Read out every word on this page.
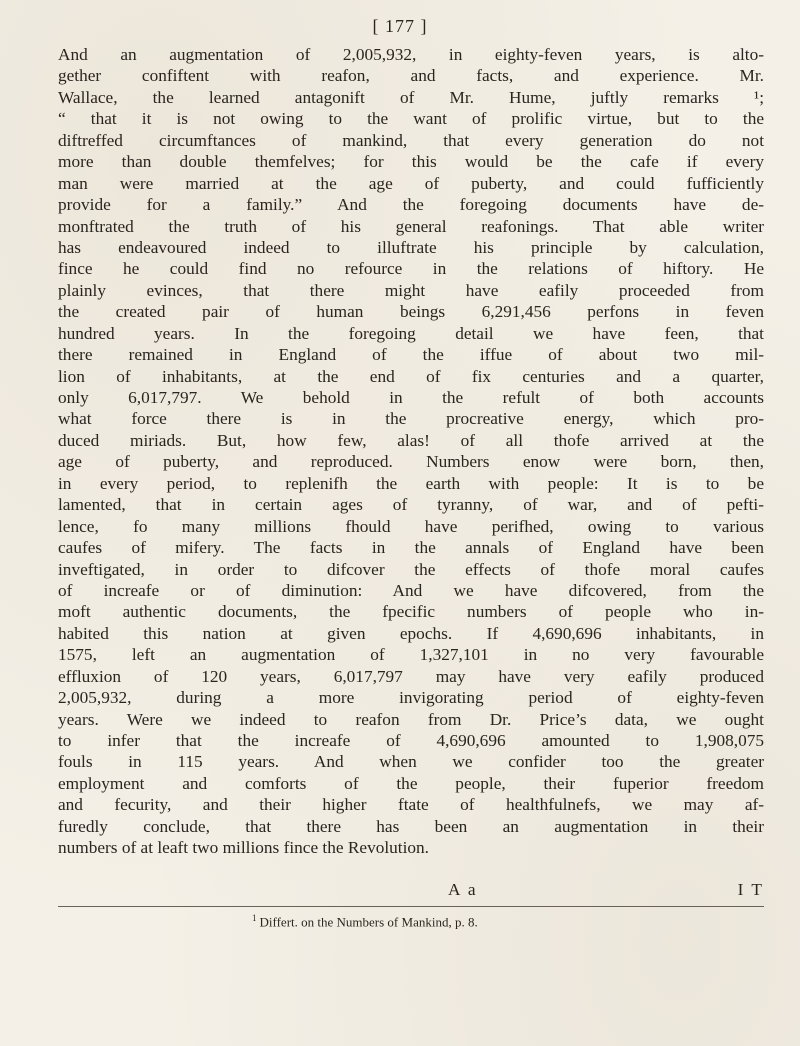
[ 177 ]
And an augmentation of 2,005,932, in eighty-feven years, is alto-
gether confiftent with reafon, and facts, and experience. Mr.
Wallace, the learned antagonift of Mr. Hume, juftly remarks ¹;
“ that it is not owing to the want of prolific virtue, but to the
diftreffed circumftances of mankind, that every generation do not
more than double themfelves; for this would be the cafe if every
man were married at the age of puberty, and could fufficiently
provide for a family.” And the foregoing documents have de-
monftrated the truth of his general reafonings. That able writer
has endeavoured indeed to illuftrate his principle by calculation,
fince he could find no refource in the relations of hiftory. He
plainly evinces, that there might have eafily proceeded from
the created pair of human beings 6,291,456 perfons in feven
hundred years. In the foregoing detail we have feen, that
there remained in England of the iffue of about two mil-
lion of inhabitants, at the end of fix centuries and a quarter,
only 6,017,797. We behold in the refult of both accounts
what force there is in the procreative energy, which pro-
duced miriads. But, how few, alas! of all thofe arrived at the
age of puberty, and reproduced. Numbers enow were born, then,
in every period, to replenifh the earth with people: It is to be
lamented, that in certain ages of tyranny, of war, and of pefti-
lence, fo many millions fhould have perifhed, owing to various
caufes of mifery. The facts in the annals of England have been
inveftigated, in order to difcover the effects of thofe moral caufes
of increafe or of diminution: And we have difcovered, from the
moft authentic documents, the fpecific numbers of people who in-
habited this nation at given epochs. If 4,690,696 inhabitants, in
1575, left an augmentation of 1,327,101 in no very favourable
effluxion of 120 years, 6,017,797 may have very eafily produced
2,005,932, during a more invigorating period of eighty-feven
years. Were we indeed to reafon from Dr. Price’s data, we ought
to infer that the increafe of 4,690,696 amounted to 1,908,075
fouls in 115 years. And when we confider too the greater
employment and comforts of the people, their fuperior freedom
and fecurity, and their higher ftate of healthfulnefs, we may af-
furedly conclude, that there has been an augmentation in their
numbers of at leaft two millions fince the Revolution.
A a	I T
$^1$ Differt. on the Numbers of Mankind, p. 8.
